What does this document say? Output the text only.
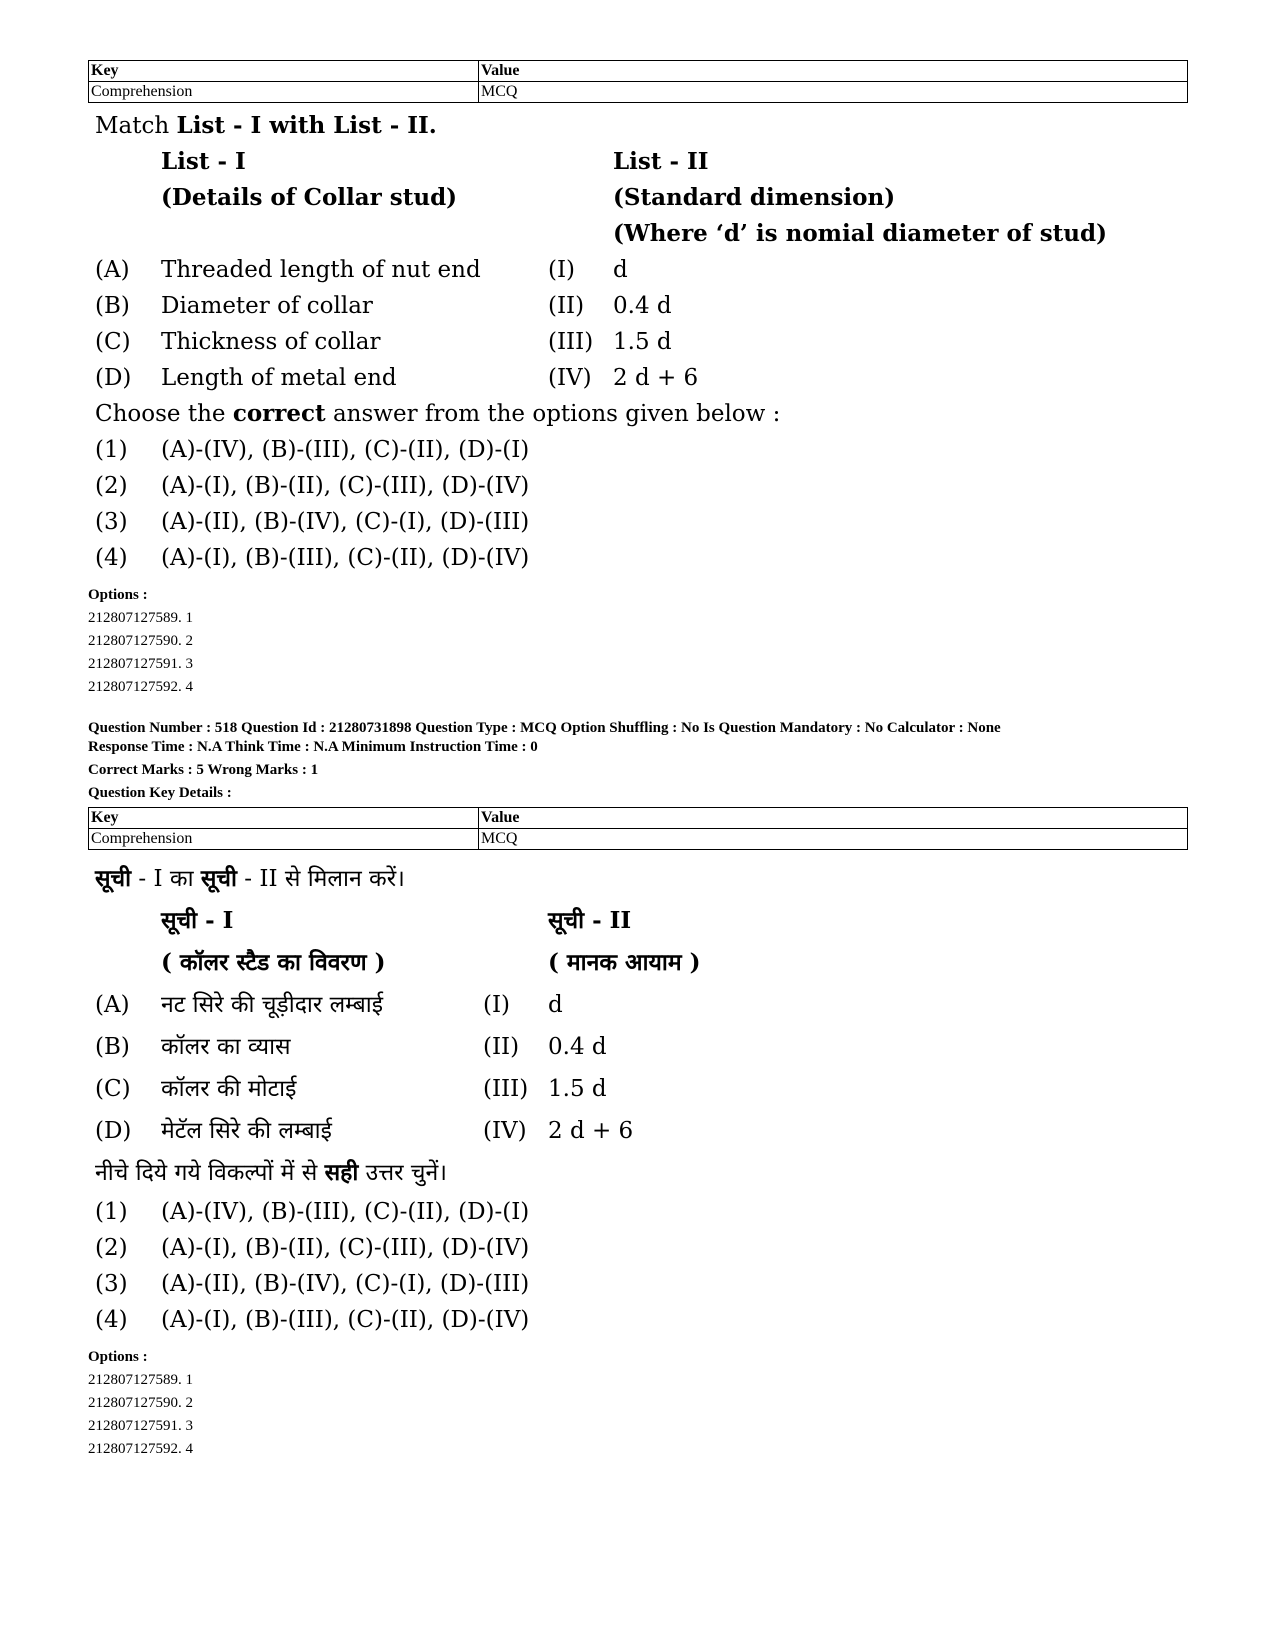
Key	Value
Comprehension	MCQ
Match List - I with List - II.
List - I	List - II
(Details of Collar stud)	(Standard dimension)
(Where ‘d’ is nomial diameter of stud)
(A) Threaded length of nut end	(I) d
(B) Diameter of collar	(II) 0.4 d
(C) Thickness of collar	(III) 1.5 d
(D) Length of metal end	(IV) 2 d + 6
Choose the correct answer from the options given below :
(1) (A)-(IV), (B)-(III), (C)-(II), (D)-(I)
(2) (A)-(I), (B)-(II), (C)-(III), (D)-(IV)
(3) (A)-(II), (B)-(IV), (C)-(I), (D)-(III)
(4) (A)-(I), (B)-(III), (C)-(II), (D)-(IV)
Options :
212807127589. 1
212807127590. 2
212807127591. 3
212807127592. 4
Question Number : 518 Question Id : 21280731898 Question Type : MCQ Option Shuffling : No Is Question Mandatory : No Calculator : None
Response Time : N.A Think Time : N.A Minimum Instruction Time : 0
Correct Marks : 5 Wrong Marks : 1
Question Key Details :
Key	Value
Comprehension	MCQ
सूची - I का सूची - II से मिलान करें।
सूची - I	सूची - II
( कॉलर स्टैड का विवरण )	( मानक आयाम )
(A) नट सिरे की चूड़ीदार लम्बाई	(I) d
(B) कॉलर का व्यास	(II) 0.4 d
(C) कॉलर की मोटाई	(III) 1.5 d
(D) मेटॅल सिरे की लम्बाई	(IV) 2 d + 6
नीचे दिये गये विकल्पों में से सही उत्तर चुनें।
(1) (A)-(IV), (B)-(III), (C)-(II), (D)-(I)
(2) (A)-(I), (B)-(II), (C)-(III), (D)-(IV)
(3) (A)-(II), (B)-(IV), (C)-(I), (D)-(III)
(4) (A)-(I), (B)-(III), (C)-(II), (D)-(IV)
Options :
212807127589. 1
212807127590. 2
212807127591. 3
212807127592. 4
